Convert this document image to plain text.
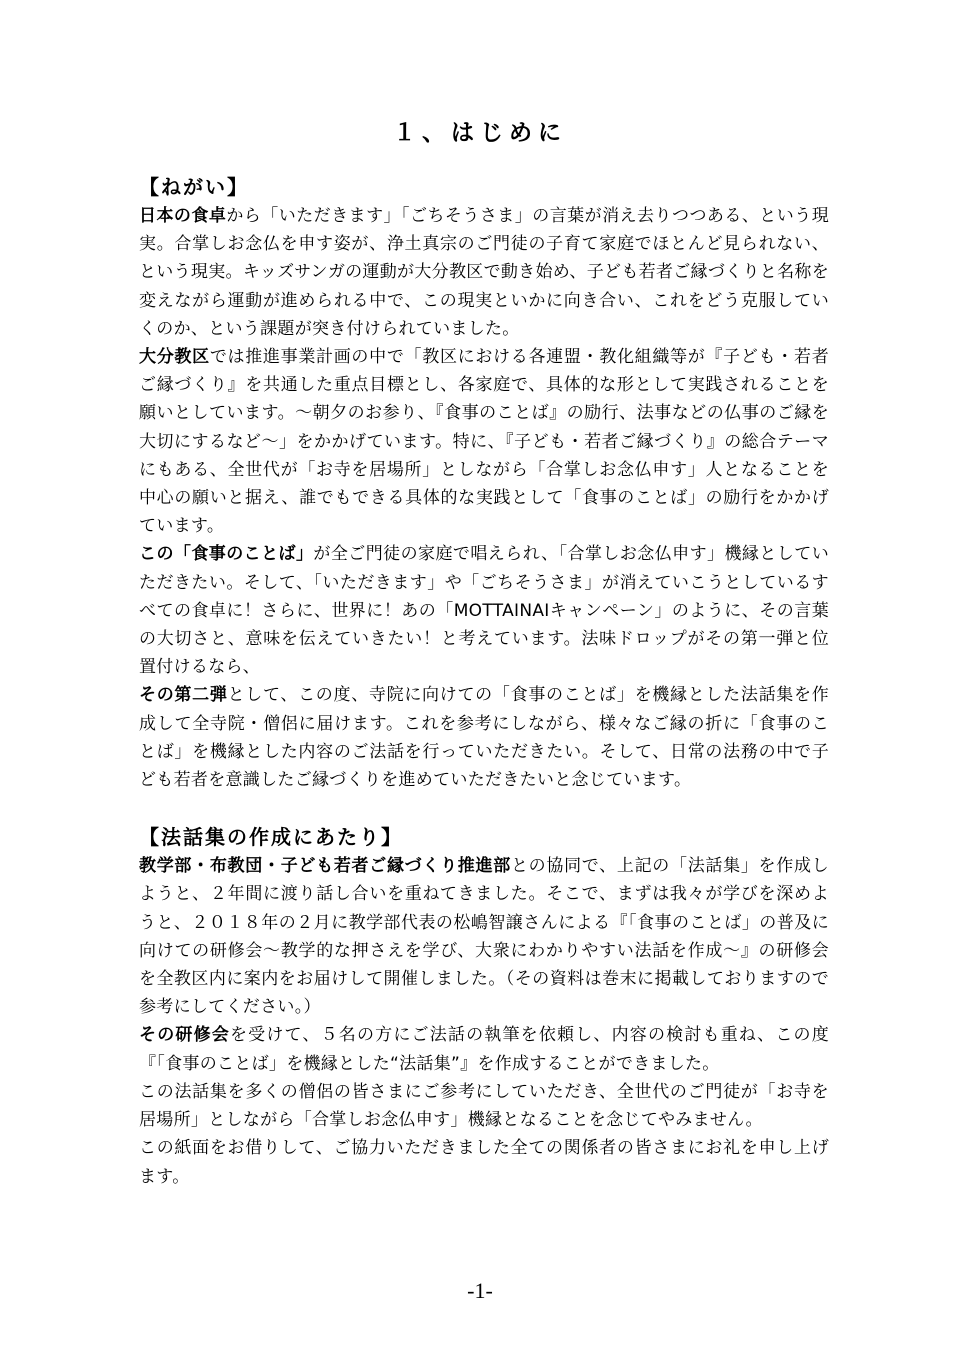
１、はじめに
【ねがい】

日本の食卓から「いただきます」「ごちそうさま」の言葉が消え去りつつある、という現実。合掌しお念仏を申す姿が、浄土真宗のご門徒の子育て家庭でほとんど見られない、という現実。キッズサンガの運動が大分教区で動き始め、子ども若者ご縁づくりと名称を変えながら運動が進められる中で、この現実といかに向き合い、これをどう克服していくのか、という課題が突き付けられていました。

大分教区では推進事業計画の中で「教区における各連盟・教化組織等が『子ども・若者ご縁づくり』を共通した重点目標とし、各家庭で、具体的な形として実践されることを願いとしています。～朝夕のお参り、『食事のことば』の励行、法事などの仏事のご縁を大切にするなど～」をかかげています。特に、『子ども・若者ご縁づくり』の総合テーマにもある、全世代が「お寺を居場所」としながら「合掌しお念仏申す」人となることを中心の願いと据え、誰でもできる具体的な実践として「食事のことば」の励行をかかげています。

この「食事のことば」が全ご門徒の家庭で唱えられ、「合掌しお念仏申す」機縁としていただきたい。そして、「いただきます」や「ごちそうさま」が消えていこうとしているすべての食卓に！さらに、世界に！あの「MOTTAINAIキャンペーン」のように、その言葉の大切さと、意味を伝えていきたい！と考えています。法味ドロップがその第一弾と位置付けるなら、

その第二弾として、この度、寺院に向けての「食事のことば」を機縁とした法話集を作成して全寺院・僧侶に届けます。これを参考にしながら、様々なご縁の折に「食事のことば」を機縁とした内容のご法話を行っていただきたい。そして、日常の法務の中で子ども若者を意識したご縁づくりを進めていただきたいと念じています。

【法話集の作成にあたり】

教学部・布教団・子ども若者ご縁づくり推進部との協同で、上記の「法話集」を作成しようと、２年間に渡り話し合いを重ねてきました。そこで、まずは我々が学びを深めようと、２０１８年の２月に教学部代表の松嶋智譲さんによる『「食事のことば」の普及に向けての研修会～教学的な押さえを学び、大衆にわかりやすい法話を作成～』の研修会を全教区内に案内をお届けして開催しました。（その資料は巻末に掲載しておりますので参考にしてください。）

その研修会を受けて、５名の方にご法話の執筆を依頼し、内容の検討も重ね、この度『「食事のことば」を機縁とした“法話集”』を作成することができました。

この法話集を多くの僧侶の皆さまにご参考にしていただき、全世代のご門徒が「お寺を居場所」としながら「合掌しお念仏申す」機縁となることを念じてやみません。

この紙面をお借りして、ご協力いただきました全ての関係者の皆さまにお礼を申し上げます。

-1-
